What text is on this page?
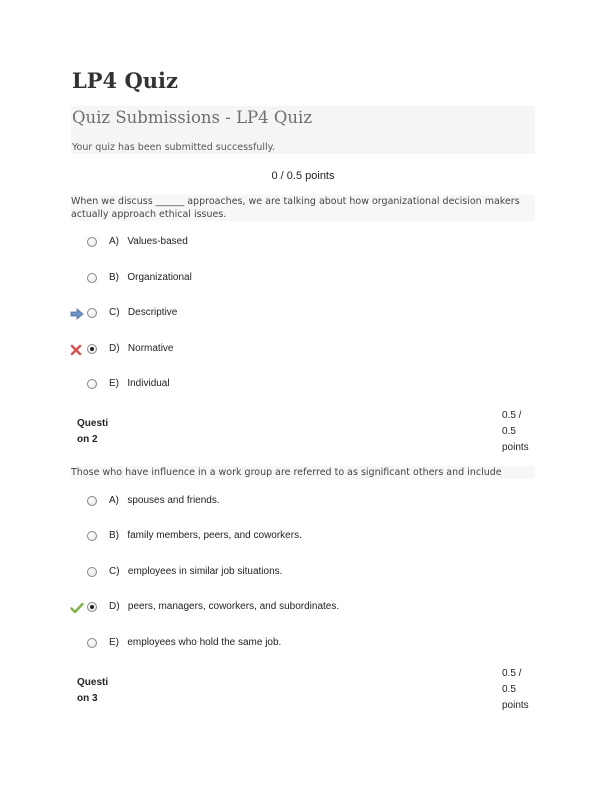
LP4 Quiz
Quiz Submissions - LP4 Quiz
Your quiz has been submitted successfully.
0 / 0.5 points
When we discuss ______ approaches, we are talking about how organizational decision makers actually approach ethical issues.
A) Values-based
B) Organizational
C) Descriptive
D) Normative
E) Individual
Questi
on 2
0.5 /
0.5
points
Those who have influence in a work group are referred to as significant others and include
A) spouses and friends.
B) family members, peers, and coworkers.
C) employees in similar job situations.
D) peers, managers, coworkers, and subordinates.
E) employees who hold the same job.
Questi
on 3
0.5 /
0.5
points
